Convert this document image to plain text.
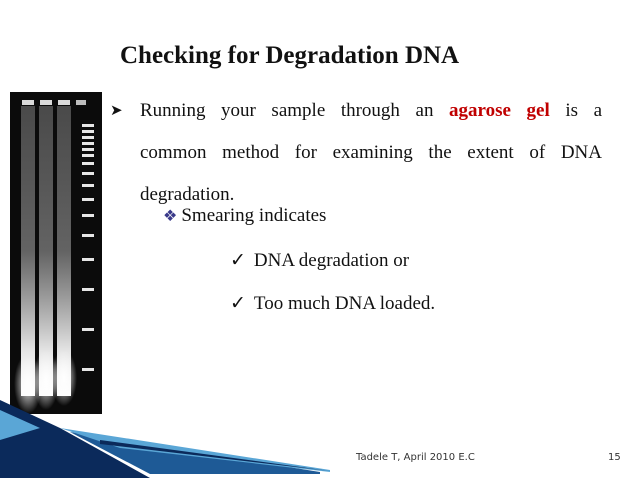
Checking for Degradation DNA
➤ Running your sample through an agarose gel is a common method for examining the extent of DNA degradation.
❖ Smearing indicates
✓ DNA degradation or
✓ Too much DNA loaded.
Tadele T, April 2010 E.C	15
